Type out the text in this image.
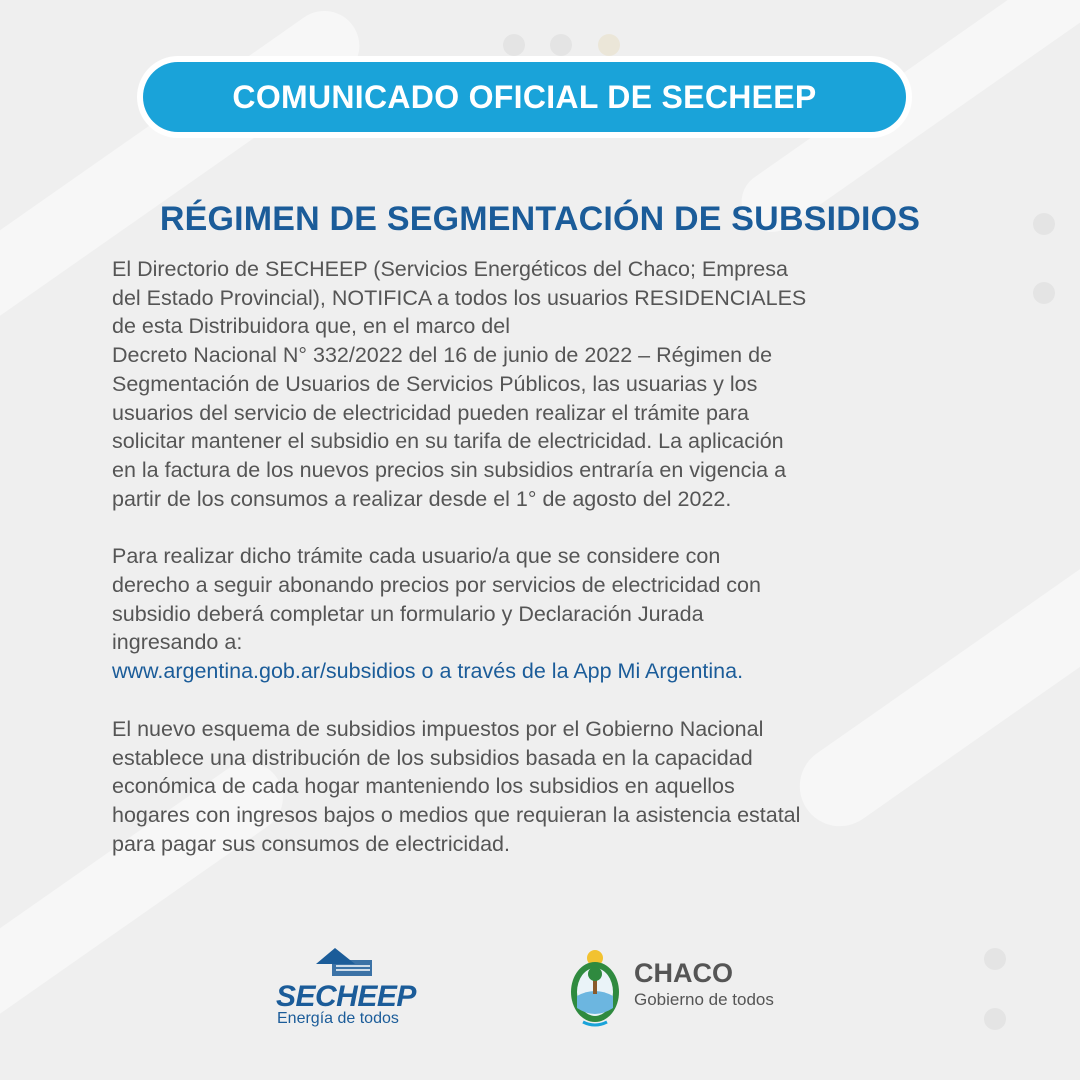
COMUNICADO OFICIAL DE SECHEEP
RÉGIMEN DE SEGMENTACIÓN DE SUBSIDIOS

El Directorio de SECHEEP (Servicios Energéticos del Chaco; Empresa
del Estado Provincial), NOTIFICA a todos los usuarios RESIDENCIALES
de esta Distribuidora que, en el marco del
Decreto Nacional N° 332/2022 del 16 de junio de 2022 – Régimen de
Segmentación de Usuarios de Servicios Públicos, las usuarias y los
usuarios del servicio de electricidad pueden realizar el trámite para
solicitar mantener el subsidio en su tarifa de electricidad. La aplicación
en la factura de los nuevos precios sin subsidios entraría en vigencia a
partir de los consumos a realizar desde el 1° de agosto del 2022.

Para realizar dicho trámite cada usuario/a que se considere con
derecho a seguir abonando precios por servicios de electricidad con
subsidio deberá completar un formulario y Declaración Jurada
ingresando a:
www.argentina.gob.ar/subsidios o a través de la App Mi Argentina.

El nuevo esquema de subsidios impuestos por el Gobierno Nacional
establece una distribución de los subsidios basada en la capacidad
económica de cada hogar manteniendo los subsidios en aquellos
hogares con ingresos bajos o medios que requieran la asistencia estatal
para pagar sus consumos de electricidad.

SECHEEP
Energía de todos
CHACO
Gobierno de todos
